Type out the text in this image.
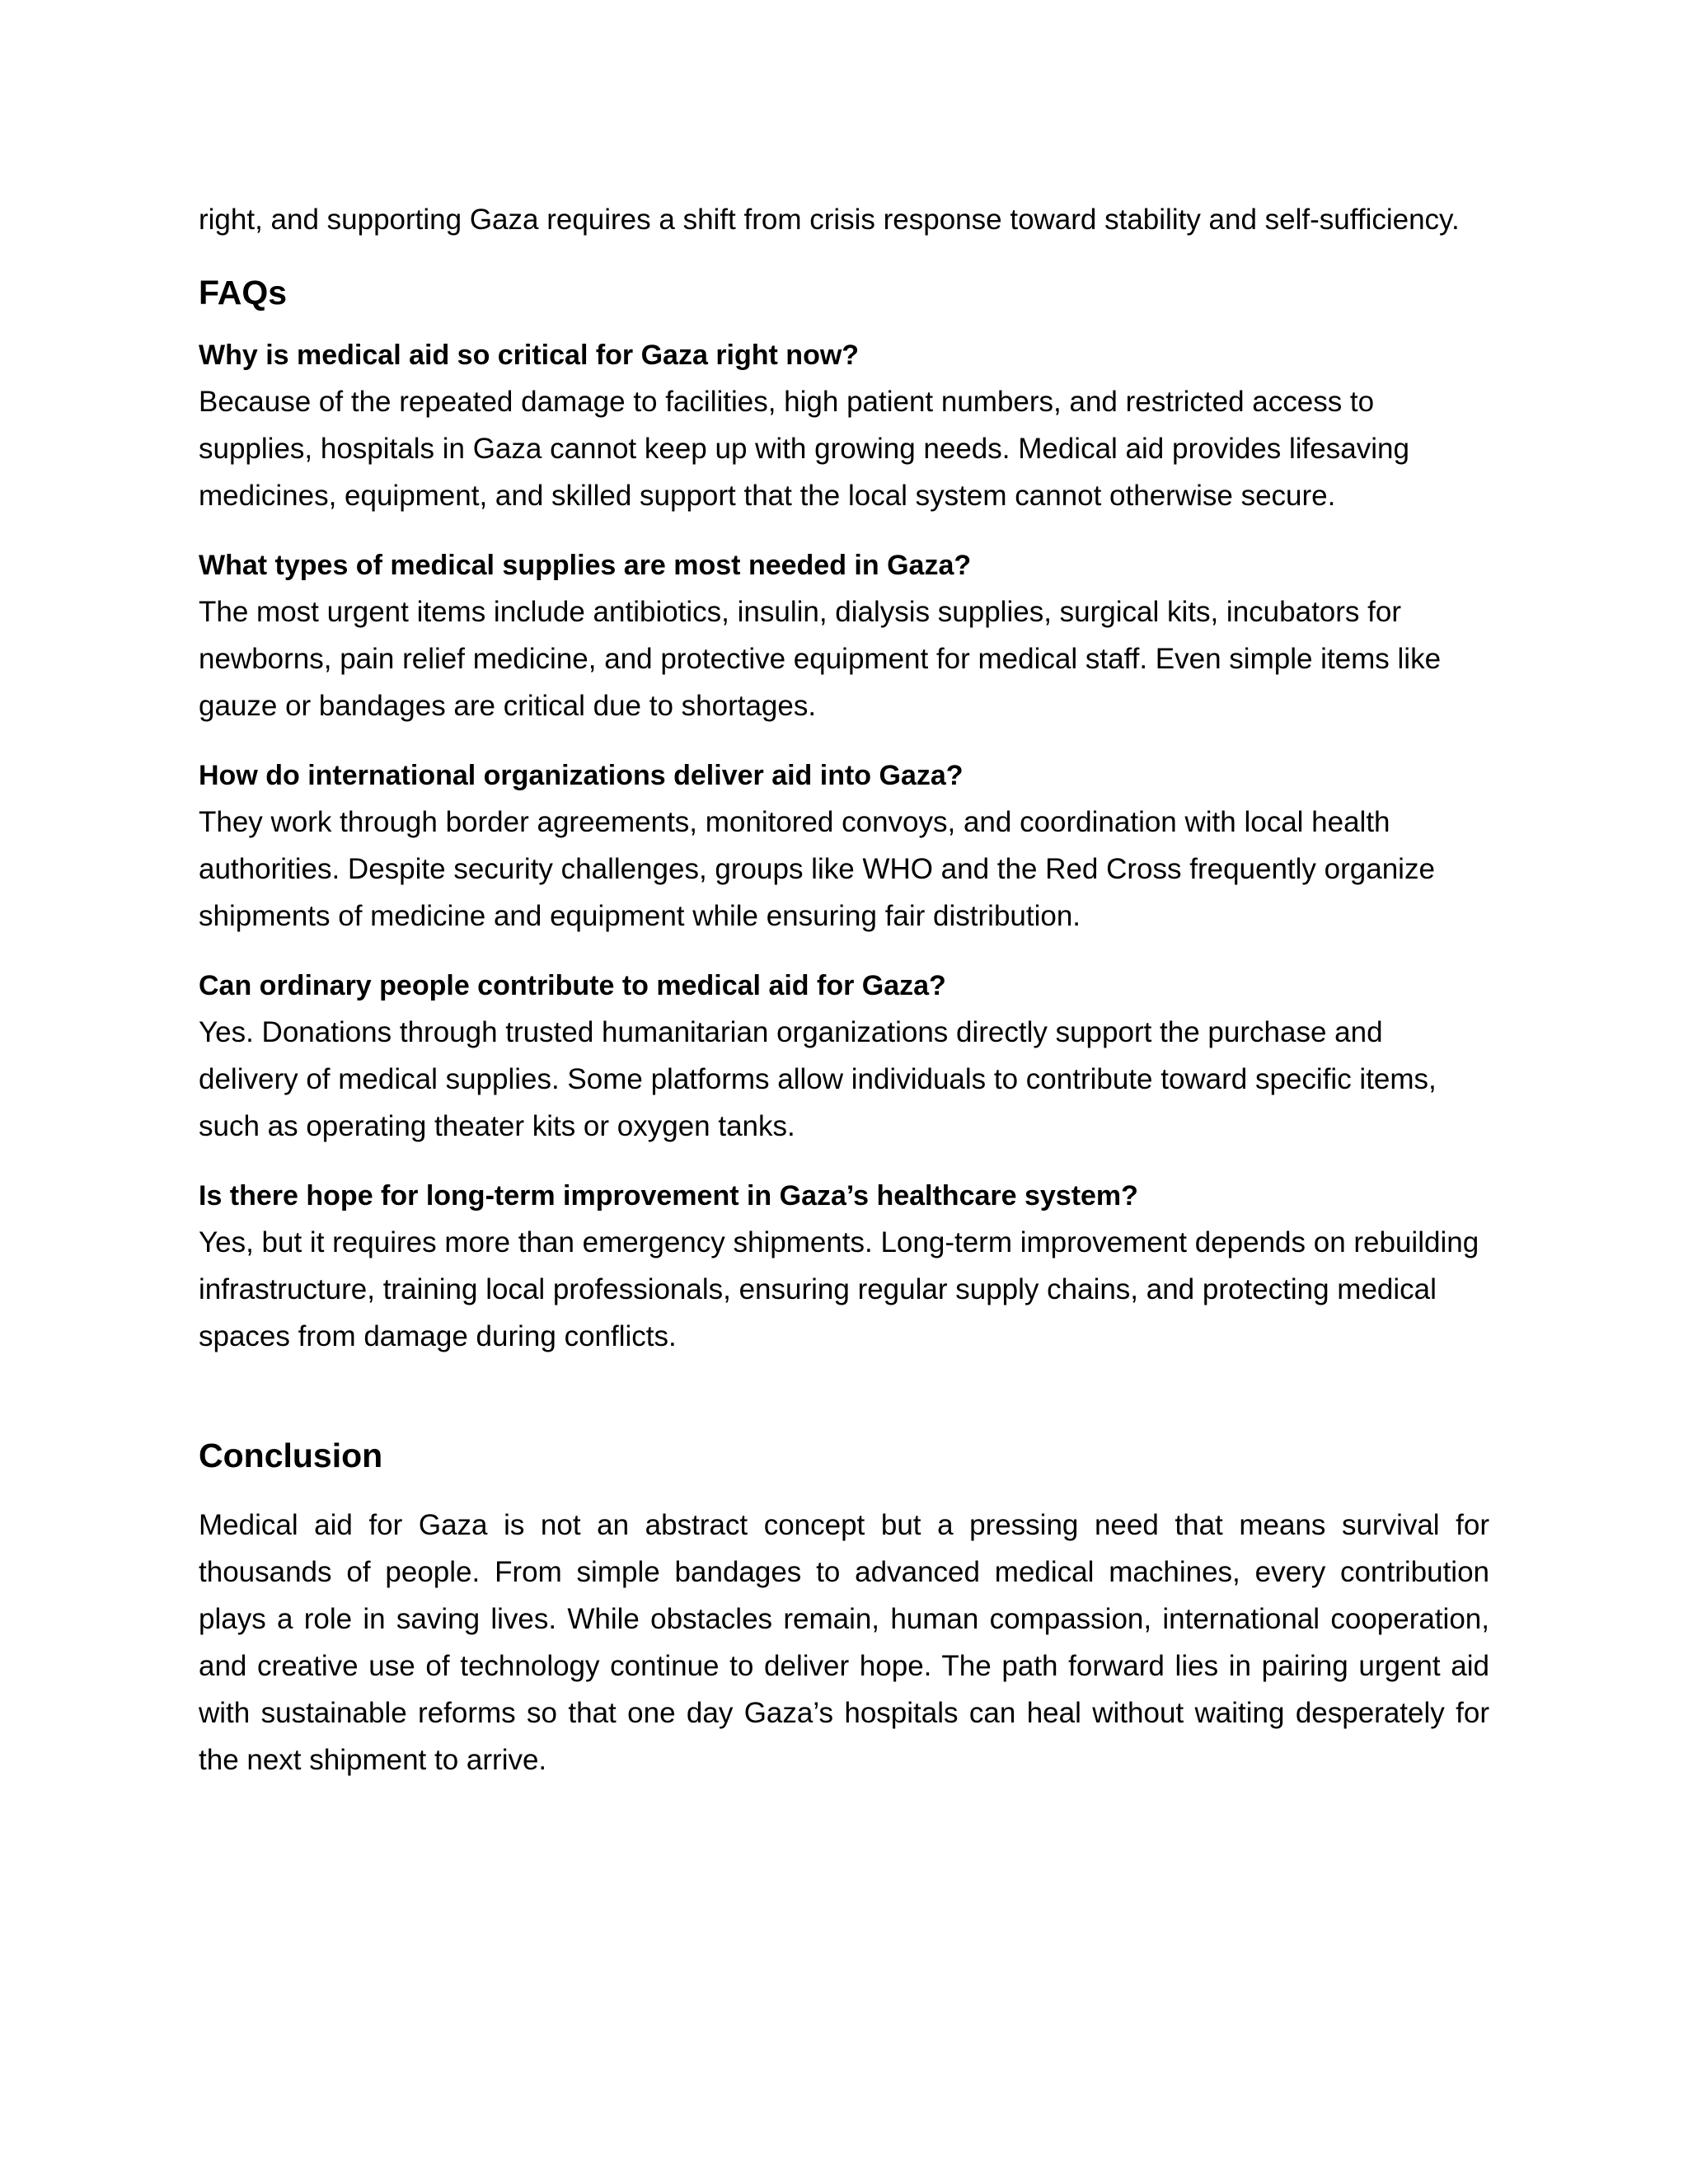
right, and supporting Gaza requires a shift from crisis response toward stability and self-sufficiency.

FAQs

Why is medical aid so critical for Gaza right now?

Because of the repeated damage to facilities, high patient numbers, and restricted access to supplies, hospitals in Gaza cannot keep up with growing needs. Medical aid provides lifesaving medicines, equipment, and skilled support that the local system cannot otherwise secure.

What types of medical supplies are most needed in Gaza?

The most urgent items include antibiotics, insulin, dialysis supplies, surgical kits, incubators for newborns, pain relief medicine, and protective equipment for medical staff. Even simple items like gauze or bandages are critical due to shortages.

How do international organizations deliver aid into Gaza?

They work through border agreements, monitored convoys, and coordination with local health authorities. Despite security challenges, groups like WHO and the Red Cross frequently organize shipments of medicine and equipment while ensuring fair distribution.

Can ordinary people contribute to medical aid for Gaza?

Yes. Donations through trusted humanitarian organizations directly support the purchase and delivery of medical supplies. Some platforms allow individuals to contribute toward specific items, such as operating theater kits or oxygen tanks.

Is there hope for long-term improvement in Gaza’s healthcare system?

Yes, but it requires more than emergency shipments. Long-term improvement depends on rebuilding infrastructure, training local professionals, ensuring regular supply chains, and protecting medical spaces from damage during conflicts.

Conclusion

Medical aid for Gaza is not an abstract concept but a pressing need that means survival for thousands of people. From simple bandages to advanced medical machines, every contribution plays a role in saving lives. While obstacles remain, human compassion, international cooperation, and creative use of technology continue to deliver hope. The path forward lies in pairing urgent aid with sustainable reforms so that one day Gaza’s hospitals can heal without waiting desperately for the next shipment to arrive.
